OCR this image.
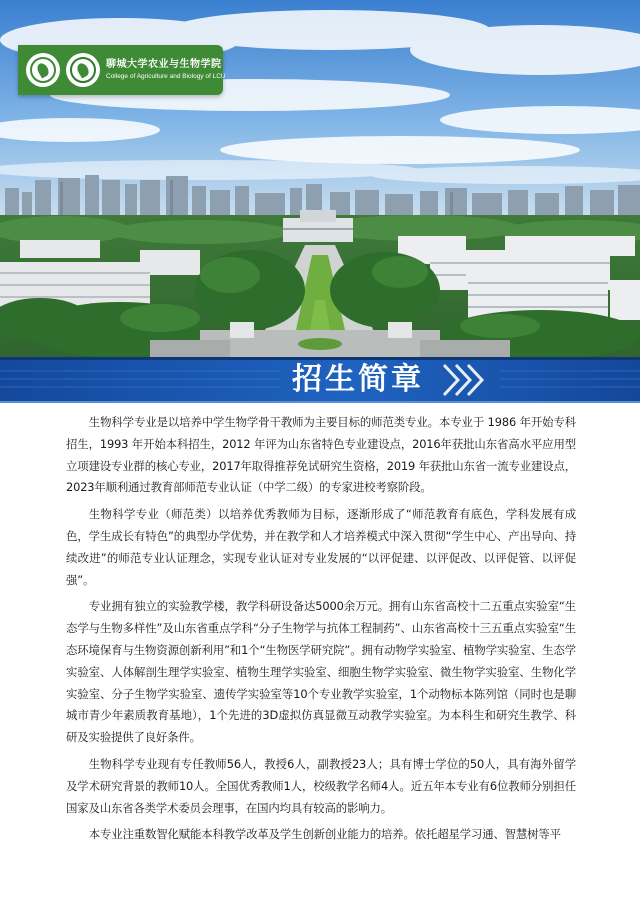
聊城大学农业与生物学院
College of Agriculture and Biology of LCU
招生简章

生物科学专业是以培养中学生物学骨干教师为主要目标的师范类专业。本专业于 1986 年开始专科招生，1993 年开始本科招生，2012 年评为山东省特色专业建设点，2016年获批山东省高水平应用型立项建设专业群的核心专业，2017年取得推荐免试研究生资格，2019 年获批山东省一流专业建设点，2023年顺利通过教育部师范专业认证（中学二级）的专家进校考察阶段。

生物科学专业（师范类）以培养优秀教师为目标，逐渐形成了“师范教育有底色，学科发展有成色，学生成长有特色”的典型办学优势，并在教学和人才培养模式中深入贯彻“学生中心、产出导向、持续改进”的师范专业认证理念，实现专业认证对专业发展的“以评促建、以评促改、以评促管、以评促强”。

专业拥有独立的实验教学楼，教学科研设备达5000余万元。拥有山东省高校十二五重点实验室“生态学与生物多样性”及山东省重点学科“分子生物学与抗体工程制药”、山东省高校十三五重点实验室“生态环境保育与生物资源创新利用”和1个“生物医学研究院”。拥有动物学实验室、植物学实验室、生态学实验室、人体解剖生理学实验室、植物生理学实验室、细胞生物学实验室、微生物学实验室、生物化学实验室、分子生物学实验室、遗传学实验室等10个专业教学实验室，1个动物标本陈列馆（同时也是聊城市青少年素质教育基地），1个先进的3D虚拟仿真显微互动教学实验室。为本科生和研究生教学、科研及实验提供了良好条件。

生物科学专业现有专任教师56人，教授6人，副教授23人；具有博士学位的50人，具有海外留学及学术研究背景的教师10人。全国优秀教师1人，校级教学名师4人。近五年本专业有6位教师分别担任国家及山东省各类学术委员会理事，在国内均具有较高的影响力。

本专业注重数智化赋能本科教学改革及学生创新创业能力的培养。依托超星学习通、智慧树等平
